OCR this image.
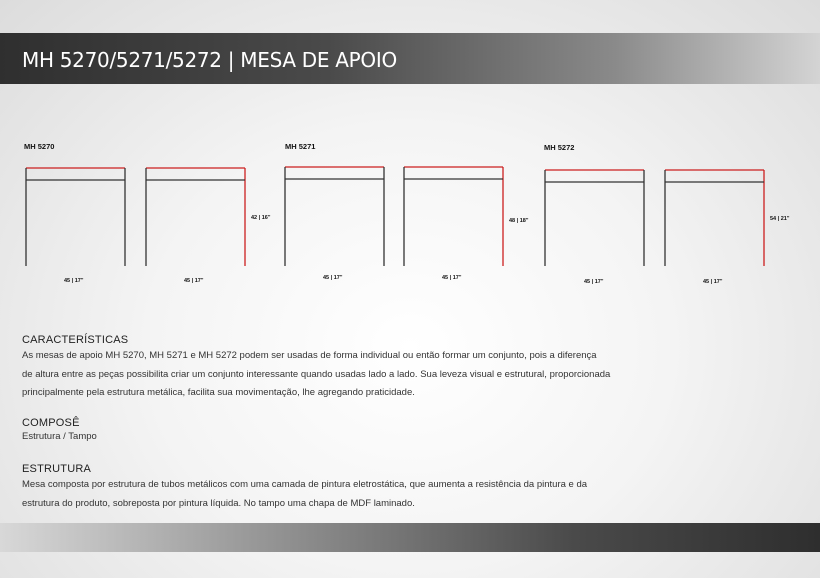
MH 5270/5271/5272 | MESA DE APOIO
MH 5270	MH 5271	MH 5272
45 | 17"	45 | 17"
42 | 16"
45 | 17"	45 | 17"
48 | 18"
45 | 17"	45 | 17"
54 | 21"

CARACTERÍSTICAS

As mesas de apoio MH 5270, MH 5271 e MH 5272 podem ser usadas de forma individual ou então formar um conjunto, pois a diferença

de altura entre as peças possibilita criar um conjunto interessante quando usadas lado a lado. Sua leveza visual e estrutural, proporcionada

principalmente pela estrutura metálica, facilita sua movimentação, lhe agregando praticidade.

COMPOSÊ

Estrutura / Tampo

ESTRUTURA

Mesa composta por estrutura de tubos metálicos com uma camada de pintura eletrostática, que aumenta a resistência da pintura e da

estrutura do produto, sobreposta por pintura líquida. No tampo uma chapa de MDF laminado.
